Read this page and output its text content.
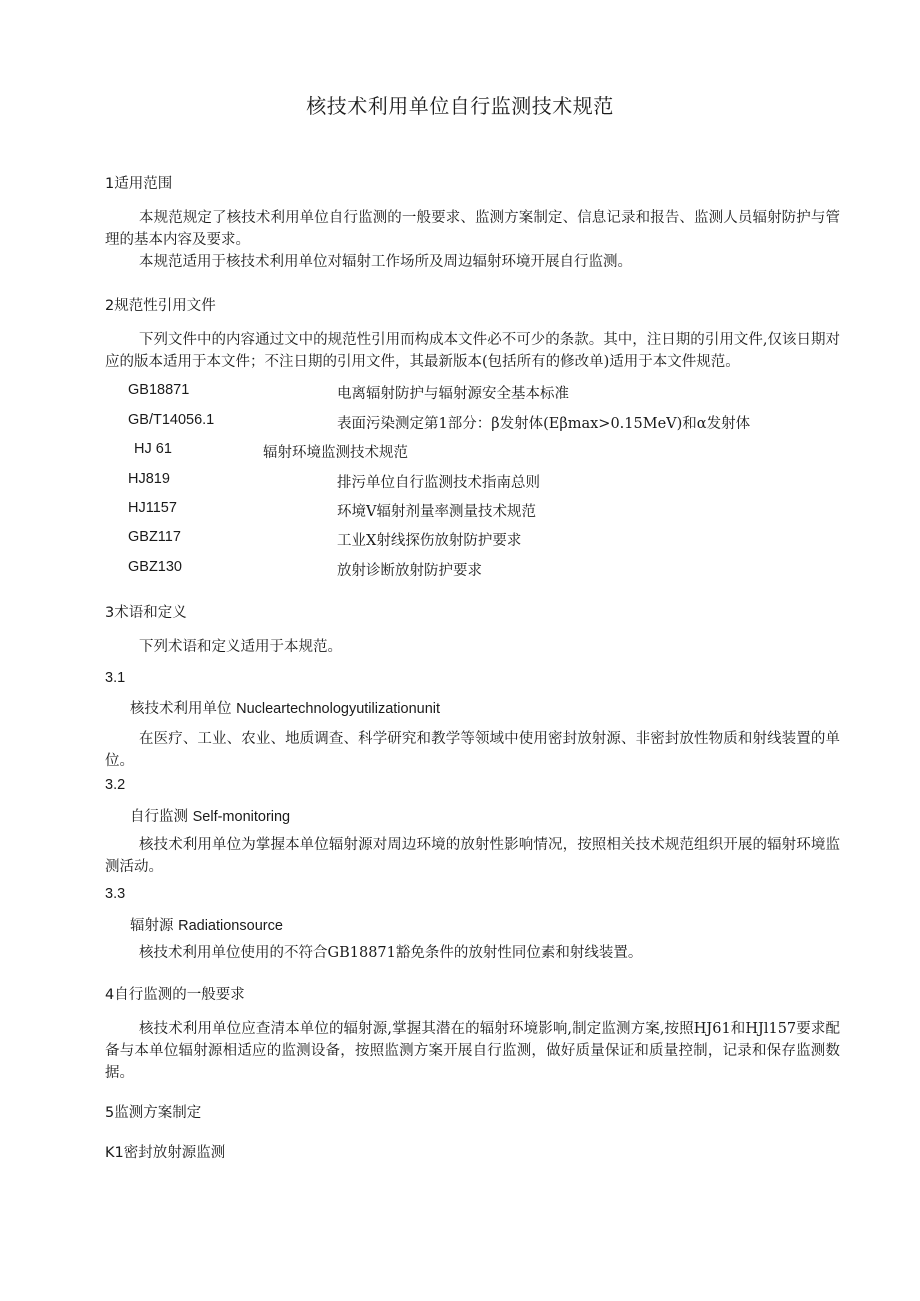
核技术利用单位自行监测技术规范
1适用范围
本规范规定了核技术利用单位自行监测的一般要求、监测方案制定、信息记录和报告、监测人员辐射防护与管理的基本内容及要求。
本规范适用于核技术利用单位对辐射工作场所及周边辐射环境开展自行监测。
2规范性引用文件
下列文件中的内容通过文中的规范性引用而构成本文件必不可少的条款。其中，注日期的引用文件,仅该日期对应的版本适用于本文件；不注日期的引用文件，其最新版本(包括所有的修改单)适用于本文件规范。
GB18871	电离辐射防护与辐射源安全基本标准
GB/T14056.1	表面污染测定第1部分：β发射体(Eβmax>0.15MeV)和α发射体
HJ 61	辐射环境监测技术规范
HJ819	排污单位自行监测技术指南总则
HJ1157	环境V辐射剂量率测量技术规范
GBZ117	工业X射线探伤放射防护要求
GBZ130	放射诊断放射防护要求
3术语和定义
下列术语和定义适用于本规范。
3.1
核技术利用单位 Nucleartechnologyutilizationunit
在医疗、工业、农业、地质调查、科学研究和教学等领域中使用密封放射源、非密封放性物质和射线装置的单位。
3.2
自行监测 Self-monitoring
核技术利用单位为掌握本单位辐射源对周边环境的放射性影响情况，按照相关技术规范组织开展的辐射环境监测活动。
3.3
辐射源 Radiationsource
核技术利用单位使用的不符合GB18871豁免条件的放射性同位素和射线装置。
4自行监测的一般要求
核技术利用单位应查清本单位的辐射源,掌握其潜在的辐射环境影响,制定监测方案,按照HJ61和HJl157要求配备与本单位辐射源相适应的监测设备，按照监测方案开展自行监测，做好质量保证和质量控制，记录和保存监测数据。
5监测方案制定
K1密封放射源监测
